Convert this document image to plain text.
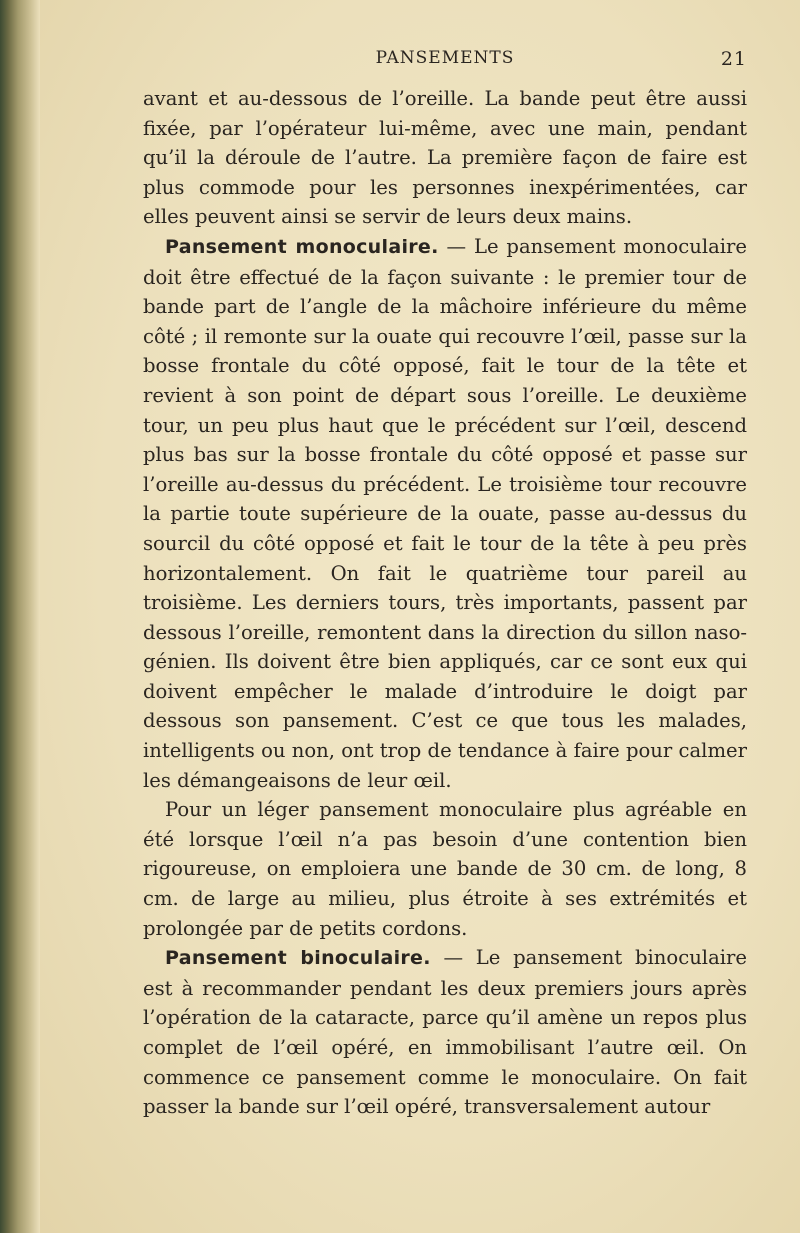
PANSEMENTS	21

avant et au-dessous de l’oreille. La bande peut être aussi fixée, par l’opérateur lui-même, avec une main, pendant qu’il la déroule de l’autre. La première façon de faire est plus commode pour les personnes inexpérimentées, car elles peuvent ainsi se servir de leurs deux mains.

Pansement monoculaire. — Le pansement monoculaire doit être effectué de la façon suivante : le premier tour de bande part de l’angle de la mâchoire inférieure du même côté ; il remonte sur la ouate qui recouvre l’œil, passe sur la bosse frontale du côté opposé, fait le tour de la tête et revient à son point de départ sous l’oreille. Le deuxième tour, un peu plus haut que le précédent sur l’œil, descend plus bas sur la bosse frontale du côté opposé et passe sur l’oreille au-dessus du précédent. Le troisième tour recouvre la partie toute supérieure de la ouate, passe au-dessus du sourcil du côté opposé et fait le tour de la tête à peu près horizontalement. On fait le quatrième tour pareil au troisième. Les derniers tours, très importants, passent par dessous l’oreille, remontent dans la direction du sillon naso-génien. Ils doivent être bien appliqués, car ce sont eux qui doivent empêcher le malade d’introduire le doigt par dessous son pansement. C’est ce que tous les malades, intelligents ou non, ont trop de tendance à faire pour calmer les démangeaisons de leur œil.

Pour un léger pansement monoculaire plus agréable en été lorsque l’œil n’a pas besoin d’une contention bien rigoureuse, on emploiera une bande de 30 cm. de long, 8 cm. de large au milieu, plus étroite à ses extrémités et prolongée par de petits cordons.

Pansement binoculaire. — Le pansement binoculaire est à recommander pendant les deux premiers jours après l’opération de la cataracte, parce qu’il amène un repos plus complet de l’œil opéré, en immobilisant l’autre œil. On commence ce pansement comme le monoculaire. On fait passer la bande sur l’œil opéré, transversalement autour
